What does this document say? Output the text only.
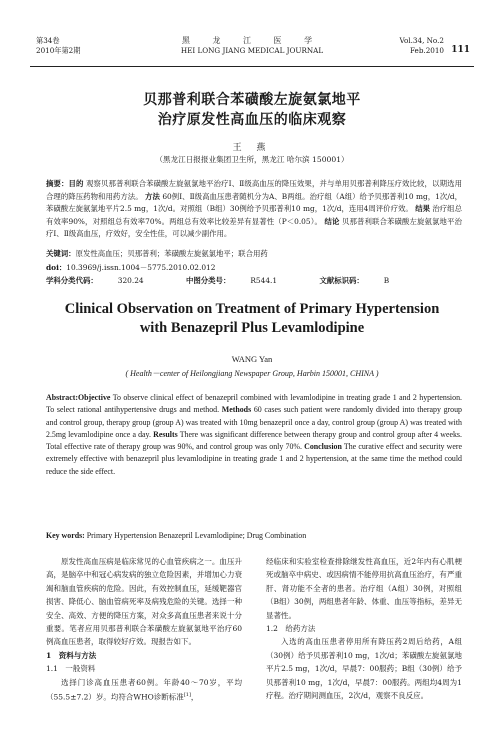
第34卷
2010年第2期
黑 龙 江 医 学
HEI LONG JIANG MEDICAL JOURNAL
Vol.34, No.2
Feb.2010 111
贝那普利联合苯磺酸左旋氨氯地平
治疗原发性高血压的临床观察
王 燕
（黑龙江日报报业集团卫生所，黑龙江 哈尔滨 150001）
摘要：目的 观察贝那普利联合苯磺酸左旋氨氯地平治疗Ⅰ、Ⅱ级高血压的降压效果，并与单用贝那普利降压疗效比较，以期选用合理的降压药物和用药方法。 方法 60例Ⅰ、Ⅱ级高血压患者随机分为A、B两组。治疗组（A组）给予贝那普利10 mg，1次/d，苯磺酸左旋氨氯地平片2.5 mg，1次/d。对照组（B组）30例给予贝那普利10 mg，1次/d，连用4周评价疗效。 结果 治疗组总有效率90%，对照组总有效率70%。两组总有效率比较差异有显著性（P＜0.05）。 结论 贝那普利联合苯磺酸左旋氨氯地平治疗Ⅰ、Ⅱ级高血压，疗效好，安全性佳，可以减少副作用。
关键词：原发性高血压；贝那普利；苯磺酸左旋氨氯地平；联合用药
doi：10.3969/j.issn.1004－5775.2010.02.012
学科分类代码：	320.24	中图分类号：	R544.1	文献标识码：	B
Clinical Observation on Treatment of Primary Hypertension
with Benazepril Plus Levamlodipine
WANG Yan
( Health－center of Heilongjiang Newspaper Group, Harbin 150001, CHINA )
Abstract:Objective To observe clinical effect of benazepril combined with levamlodipine in treating grade 1 and 2 hypertension. To select rational antihypertensive drugs and method. Methods 60 cases such patient were randomly divided into therapy group and control group, therapy group (group A) was treated with 10mg benazepril once a day, control group (group A) was treated with 2.5mg levamlodipine once a day. Results There was significant difference between therapy group and control group after 4 weeks. Total effective rate of therapy group was 90%, and control group was only 70%. Conclusion The curative effect and security were extremely effective with benazepril plus levamlodipine in treating grade 1 and 2 hypertension, at the same time the method could reduce the side effect.
Key words: Primary Hypertension Benazepril Levamlodipine; Drug Combination

原发性高血压病是临床常见的心血管疾病之一。血压升高，是脑卒中和冠心病发病的独立危险因素，并增加心力衰竭和脑血管疾病的危险。因此，有效控制血压，延缓靶器官损害、降低心、脑血管病死率及病残危险的关键。选择一种安全、高效、方便的降压方案，对众多高血压患者来说十分重要。笔者应用贝那普利联合苯磺酸左旋氨氯地平治疗60例高血压患者，取得较好疗效。现报告如下。

1　资料与方法

1.1　一般资料

选择门诊高血压患者60例。年龄40～70岁，平均（55.5±7.2）岁。均符合WHO诊断标准[1]，

经临床和实验室检查排除继发性高血压，近2年内有心肌梗死或脑卒中病史、或因病情不能停用抗高血压治疗，有严重肝、肾功能不全者的患者。治疗组（A组）30例，对照组（B组）30例，两组患者年龄、体重、血压等指标，差异无显著性。

1.2　给药方法

入选的高血压患者停用所有降压药2周后给药，A组（30例）给予贝那普利10 mg，1次/d；苯磺酸左旋氨氯地平片2.5 mg，1次/d，早晨7：00服药；B组（30例）给予贝那普利10 mg，1次/d，早晨7：00服药。两组均4周为1疗程。治疗期间测血压，2次/d，观察不良反应。
